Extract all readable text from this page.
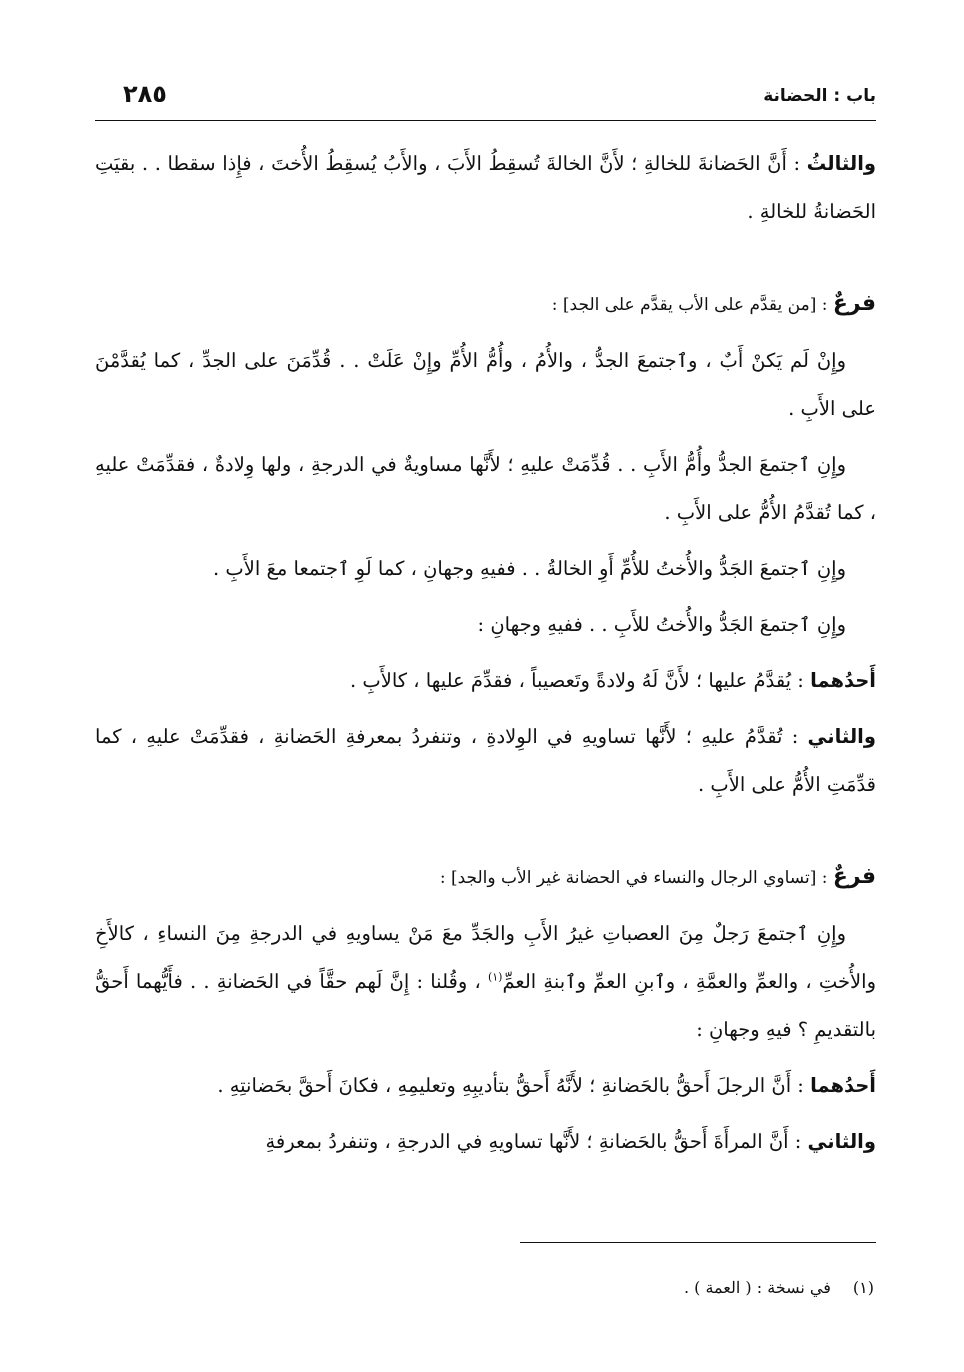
باب : الحضانة
٢٨٥

والثالثُ : أَنَّ الحَضانةَ للخالةِ ؛ لأَنَّ الخالةَ تُسقِطُ الأَبَ ، والأَبُ يُسقِطُ الأُختَ ، فإِذا سقطا . . بقيَتِ الحَضانةُ للخالةِ .

فرعٌ : [من يقدَّم على الأب يقدَّم على الجد] :

وإِنْ لَم يَكنْ أَبٌ ، وٱجتمعَ الجدُّ ، والأُمُ ، وأُمُّ الأُمِّ وإِنْ عَلَتْ . . قُدِّمَنَ على الجدِّ ، كما يُقدَّمْنَ على الأَبِ .

وإِنِ ٱجتمعَ الجدُّ وأُمُّ الأَبِ . . قُدِّمَتْ عليهِ ؛ لأَنَّها مساويةٌ في الدرجةِ ، ولها وِلادةٌ ، فقدِّمَتْ عليهِ ، كما تُقدَّمُ الأُمُّ على الأَبِ .

وإِنِ ٱجتمعَ الجَدُّ والأُختُ للأُمِّ أَوِ الخالةُ . . ففيهِ وجهانِ ، كما لَوِ ٱجتمعا معَ الأَبِ .

وإِنِ ٱجتمعَ الجَدُّ والأُختُ للأَبِ . . ففيهِ وجهانِ :

أَحدُهما : يُقدَّمُ عليها ؛ لأَنَّ لَهُ ولادةً وتَعصيباً ، فقدِّمَ عليها ، كالأَبِ .

والثاني : تُقدَّمُ عليهِ ؛ لأَنَّها تساويهِ في الوِلادةِ ، وتنفردُ بمعرفةِ الحَضانةِ ، فقدِّمَتْ عليهِ ، كما قدِّمَتِ الأُمُّ على الأَبِ .

فرعٌ : [تساوي الرجال والنساء في الحضانة غير الأب والجد] :

وإِنِ ٱجتمعَ رَجلٌ مِنَ العصباتِ غيرُ الأَبِ والجَدِّ معَ مَنْ يساويهِ في الدرجةِ مِنَ النساءِ ، كالأَخِ والأُختِ ، والعمِّ والعمَّةِ ، وٱبنِ العمِّ وٱبنةِ العمِّ$^{(١)}$ ، وقُلنا : إِنَّ لَهم حقَّاً في الحَضانةِ . . فأَيُّهما أَحقُّ بالتقديمِ ؟ فيهِ وجهانِ :

أَحدُهما : أَنَّ الرجلَ أَحقُّ بالحَضانةِ ؛ لأَنَّهُ أَحقُّ بتأديبِهِ وتعليمِهِ ، فكانَ أَحقَّ بحَضانتِهِ .

والثاني : أَنَّ المرأَةَ أَحقُّ بالحَضانةِ ؛ لأَنَّها تساويهِ في الدرجةِ ، وتنفردُ بمعرفةِ

(١)في نسخة : ( العمة ) .
